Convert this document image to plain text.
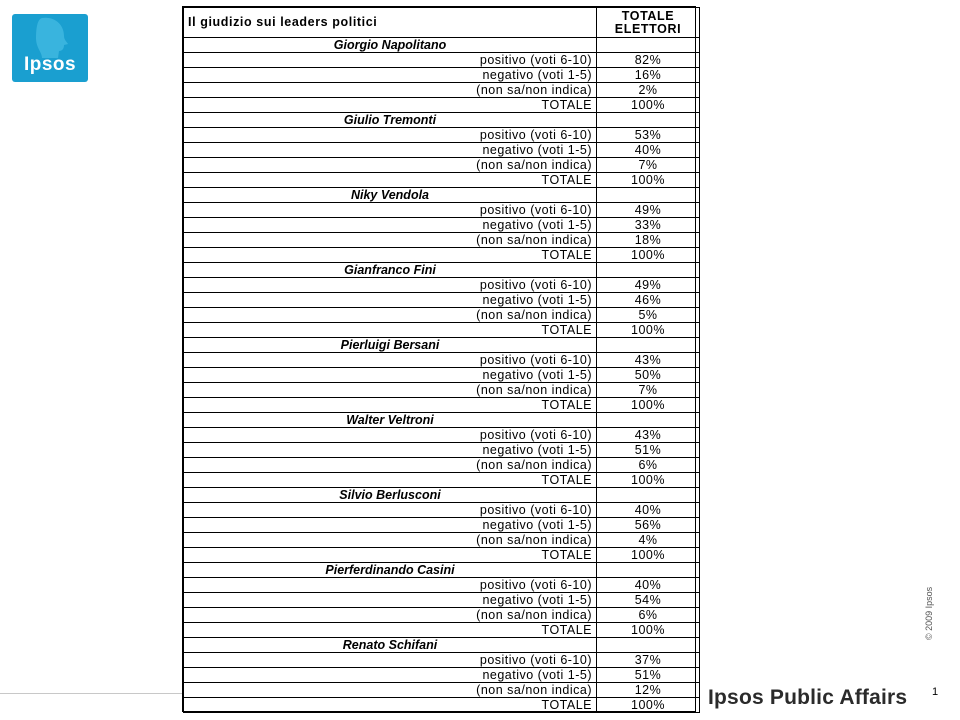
Ipsos
Il giudizio sui leaders politici	TOTALE
ELETTORI
Giorgio Napolitano	
positivo (voti 6-10)	82%
negativo (voti 1-5)	16%
(non sa/non indica)	2%
TOTALE	100%
Giulio Tremonti	
positivo (voti 6-10)	53%
negativo (voti 1-5)	40%
(non sa/non indica)	7%
TOTALE	100%
Niky Vendola	
positivo (voti 6-10)	49%
negativo (voti 1-5)	33%
(non sa/non indica)	18%
TOTALE	100%
Gianfranco Fini	
positivo (voti 6-10)	49%
negativo (voti 1-5)	46%
(non sa/non indica)	5%
TOTALE	100%
Pierluigi Bersani	
positivo (voti 6-10)	43%
negativo (voti 1-5)	50%
(non sa/non indica)	7%
TOTALE	100%
Walter Veltroni	
positivo (voti 6-10)	43%
negativo (voti 1-5)	51%
(non sa/non indica)	6%
TOTALE	100%
Silvio Berlusconi	
positivo (voti 6-10)	40%
negativo (voti 1-5)	56%
(non sa/non indica)	4%
TOTALE	100%
Pierferdinando Casini	
positivo (voti 6-10)	40%
negativo (voti 1-5)	54%
(non sa/non indica)	6%
TOTALE	100%
Renato Schifani	
positivo (voti 6-10)	37%
negativo (voti 1-5)	51%
(non sa/non indica)	12%
TOTALE	100%
© 2009 Ipsos
Ipsos Public Affairs 1
